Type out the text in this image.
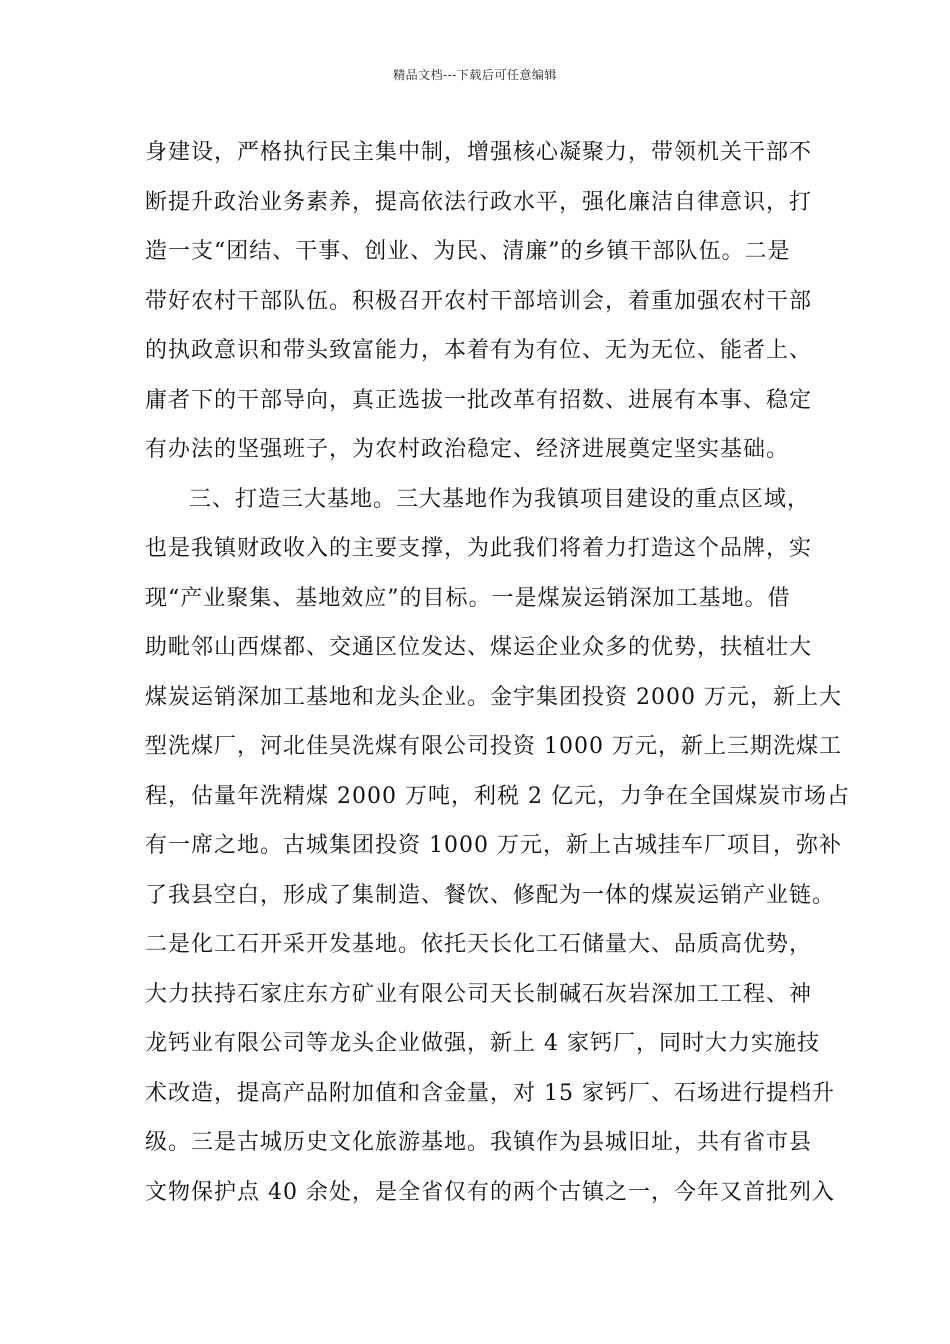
精品文档---下载后可任意编辑
身建设，严格执行民主集中制，增强核心凝聚力，带领机关干部不
断提升政治业务素养，提高依法行政水平，强化廉洁自律意识，打
造一支“团结、干事、创业、为民、清廉”的乡镇干部队伍。二是
带好农村干部队伍。积极召开农村干部培训会，着重加强农村干部
的执政意识和带头致富能力，本着有为有位、无为无位、能者上、
庸者下的干部导向，真正选拔一批改革有招数、进展有本事、稳定
有办法的坚强班子，为农村政治稳定、经济进展奠定坚实基础。
三、打造三大基地。三大基地作为我镇项目建设的重点区域，
也是我镇财政收入的主要支撑，为此我们将着力打造这个品牌，实
现“产业聚集、基地效应”的目标。一是煤炭运销深加工基地。借
助毗邻山西煤都、交通区位发达、煤运企业众多的优势，扶植壮大
煤炭运销深加工基地和龙头企业。金宇集团投资 2000 万元，新上大
型洗煤厂，河北佳昊洗煤有限公司投资 1000 万元，新上三期洗煤工
程，估量年洗精煤 2000 万吨，利税 2 亿元，力争在全国煤炭市场占
有一席之地。古城集团投资 1000 万元，新上古城挂车厂项目，弥补
了我县空白，形成了集制造、餐饮、修配为一体的煤炭运销产业链。
二是化工石开采开发基地。依托天长化工石储量大、品质高优势，
大力扶持石家庄东方矿业有限公司天长制碱石灰岩深加工工程、神
龙钙业有限公司等龙头企业做强，新上 4 家钙厂，同时大力实施技
术改造，提高产品附加值和含金量，对 15 家钙厂、石场进行提档升
级。三是古城历史文化旅游基地。我镇作为县城旧址，共有省市县
文物保护点 40 余处，是全省仅有的两个古镇之一，今年又首批列入
